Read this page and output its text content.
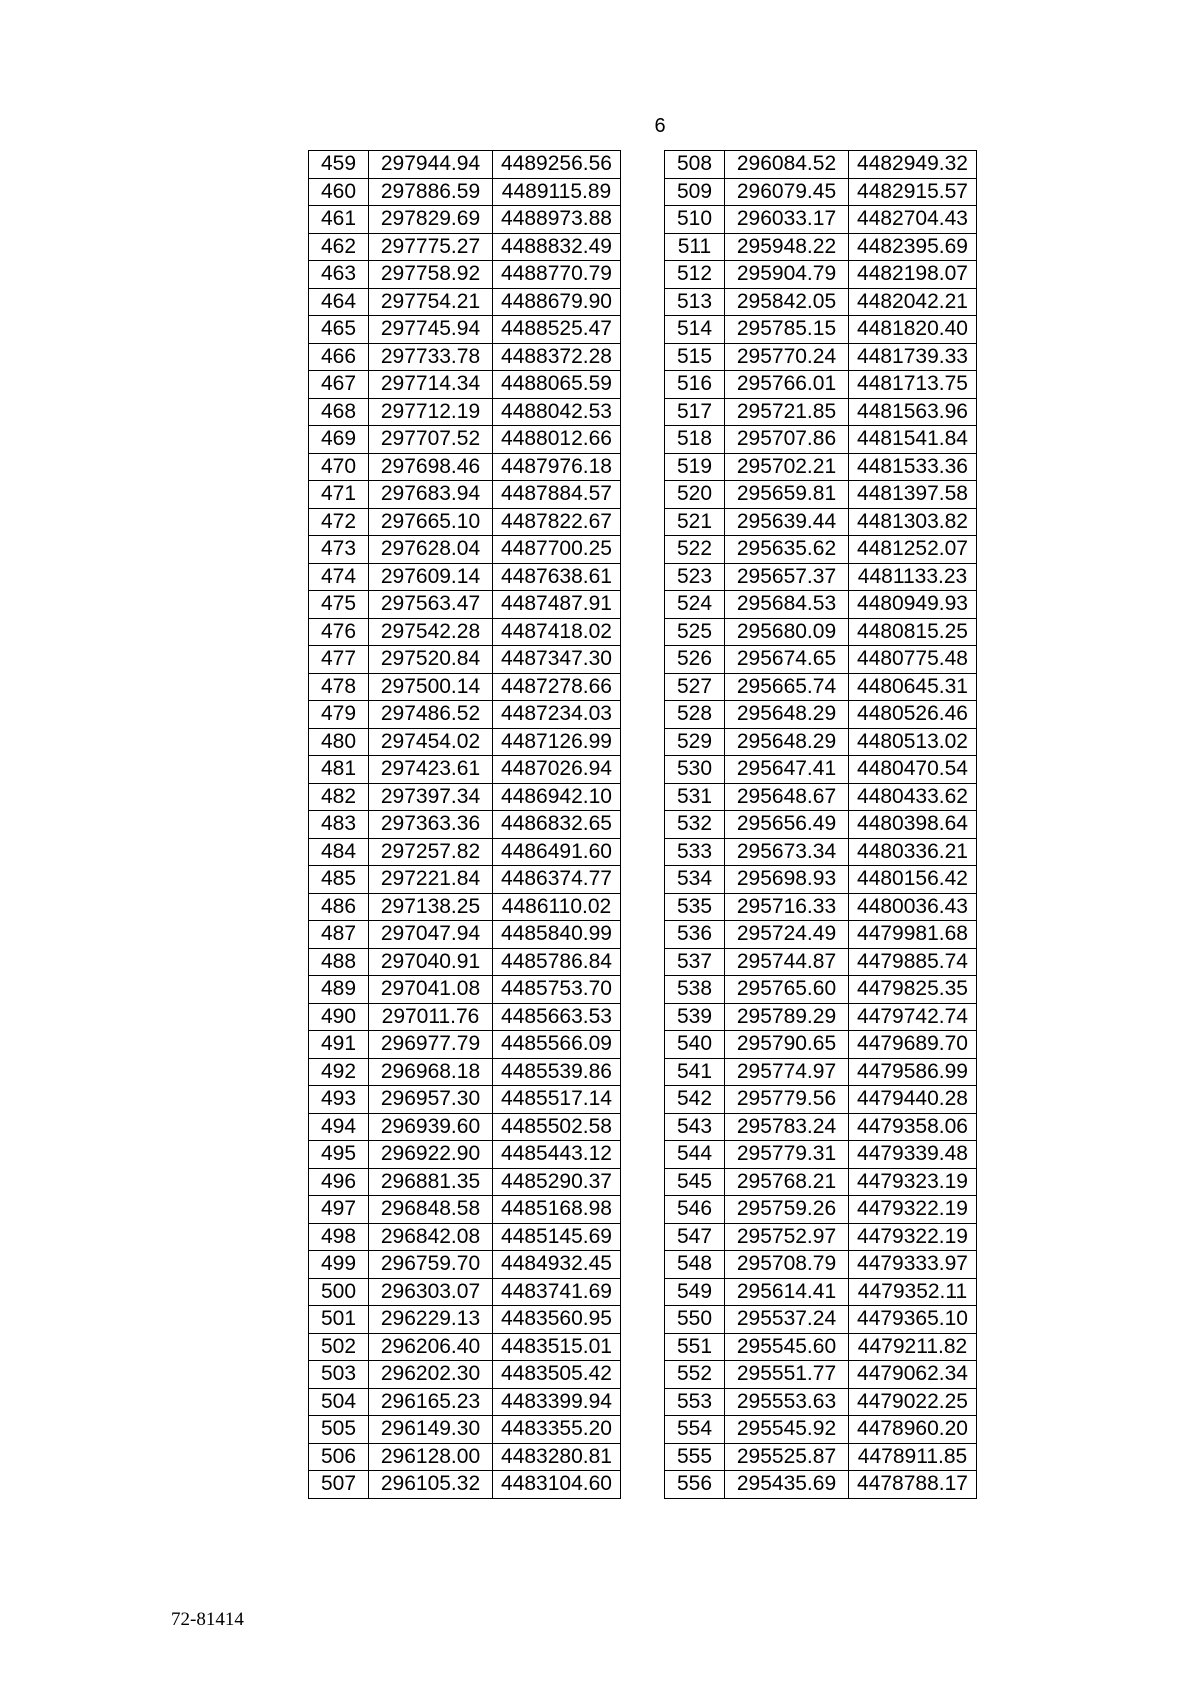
6
459	297944.94	4489256.56
460	297886.59	4489115.89
461	297829.69	4488973.88
462	297775.27	4488832.49
463	297758.92	4488770.79
464	297754.21	4488679.90
465	297745.94	4488525.47
466	297733.78	4488372.28
467	297714.34	4488065.59
468	297712.19	4488042.53
469	297707.52	4488012.66
470	297698.46	4487976.18
471	297683.94	4487884.57
472	297665.10	4487822.67
473	297628.04	4487700.25
474	297609.14	4487638.61
475	297563.47	4487487.91
476	297542.28	4487418.02
477	297520.84	4487347.30
478	297500.14	4487278.66
479	297486.52	4487234.03
480	297454.02	4487126.99
481	297423.61	4487026.94
482	297397.34	4486942.10
483	297363.36	4486832.65
484	297257.82	4486491.60
485	297221.84	4486374.77
486	297138.25	4486110.02
487	297047.94	4485840.99
488	297040.91	4485786.84
489	297041.08	4485753.70
490	297011.76	4485663.53
491	296977.79	4485566.09
492	296968.18	4485539.86
493	296957.30	4485517.14
494	296939.60	4485502.58
495	296922.90	4485443.12
496	296881.35	4485290.37
497	296848.58	4485168.98
498	296842.08	4485145.69
499	296759.70	4484932.45
500	296303.07	4483741.69
501	296229.13	4483560.95
502	296206.40	4483515.01
503	296202.30	4483505.42
504	296165.23	4483399.94
505	296149.30	4483355.20
506	296128.00	4483280.81
507	296105.32	4483104.60
508	296084.52	4482949.32
509	296079.45	4482915.57
510	296033.17	4482704.43
511	295948.22	4482395.69
512	295904.79	4482198.07
513	295842.05	4482042.21
514	295785.15	4481820.40
515	295770.24	4481739.33
516	295766.01	4481713.75
517	295721.85	4481563.96
518	295707.86	4481541.84
519	295702.21	4481533.36
520	295659.81	4481397.58
521	295639.44	4481303.82
522	295635.62	4481252.07
523	295657.37	4481133.23
524	295684.53	4480949.93
525	295680.09	4480815.25
526	295674.65	4480775.48
527	295665.74	4480645.31
528	295648.29	4480526.46
529	295648.29	4480513.02
530	295647.41	4480470.54
531	295648.67	4480433.62
532	295656.49	4480398.64
533	295673.34	4480336.21
534	295698.93	4480156.42
535	295716.33	4480036.43
536	295724.49	4479981.68
537	295744.87	4479885.74
538	295765.60	4479825.35
539	295789.29	4479742.74
540	295790.65	4479689.70
541	295774.97	4479586.99
542	295779.56	4479440.28
543	295783.24	4479358.06
544	295779.31	4479339.48
545	295768.21	4479323.19
546	295759.26	4479322.19
547	295752.97	4479322.19
548	295708.79	4479333.97
549	295614.41	4479352.11
550	295537.24	4479365.10
551	295545.60	4479211.82
552	295551.77	4479062.34
553	295553.63	4479022.25
554	295545.92	4478960.20
555	295525.87	4478911.85
556	295435.69	4478788.17
72-81414
